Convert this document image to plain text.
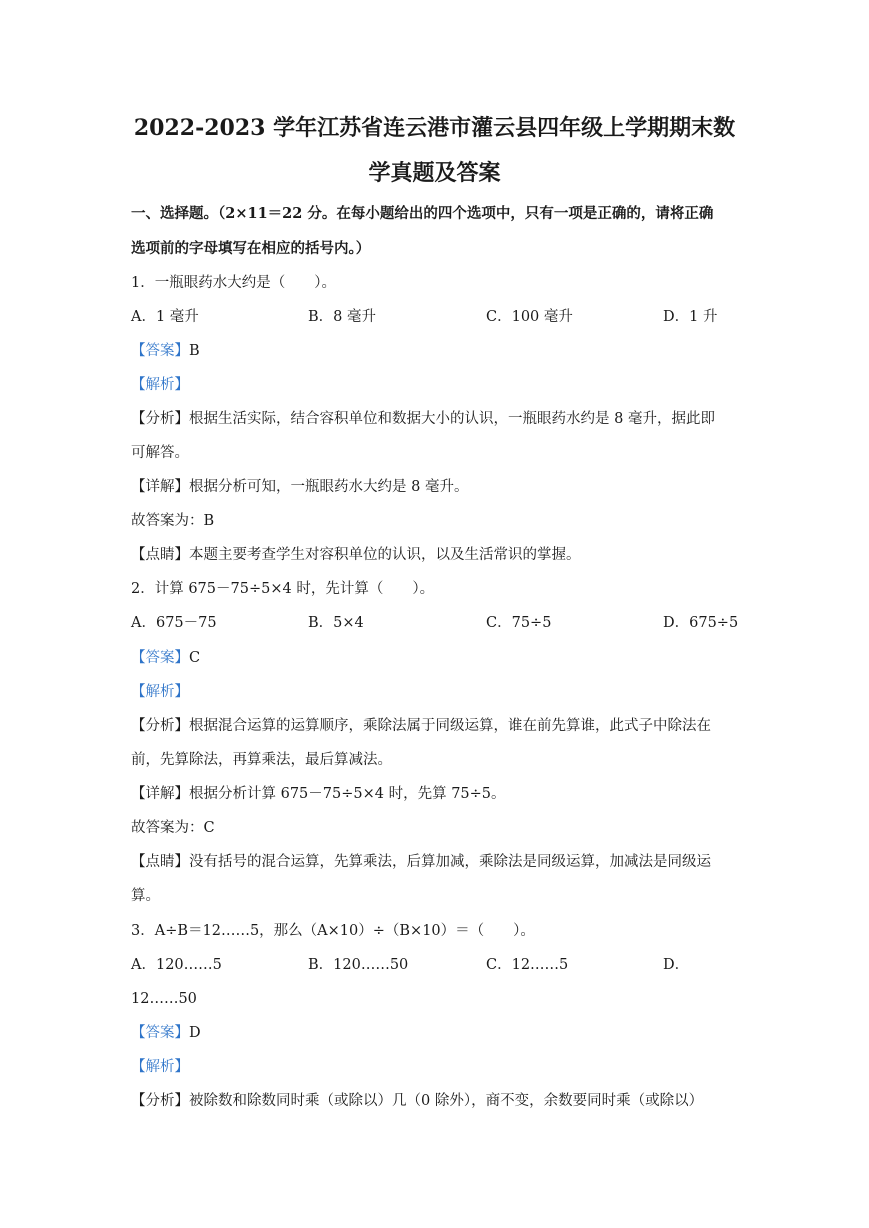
2022-2023 学年江苏省连云港市灌云县四年级上学期期末数
学真题及答案
一、选择题。（2×11＝22 分。在每小题给出的四个选项中，只有一项是正确的，请将正确
选项前的字母填写在相应的括号内。）
1．一瓶眼药水大约是（　　）。
A．1 毫升	B．8 毫升	C．100 毫升	D．1 升
【答案】B
【解析】
【分析】根据生活实际，结合容积单位和数据大小的认识，一瓶眼药水约是 8 毫升，据此即
可解答。
【详解】根据分析可知，一瓶眼药水大约是 8 毫升。
故答案为：B
【点睛】本题主要考查学生对容积单位的认识，以及生活常识的掌握。
2．计算 675－75÷5×4 时，先计算（　　）。
A．675－75	B．5×4	C．75÷5	D．675÷5
【答案】C
【解析】
【分析】根据混合运算的运算顺序，乘除法属于同级运算，谁在前先算谁，此式子中除法在
前，先算除法，再算乘法，最后算减法。
【详解】根据分析计算 675－75÷5×4 时，先算 75÷5。
故答案为：C
【点睛】没有括号的混合运算，先算乘法，后算加减，乘除法是同级运算，加减法是同级运
算。
3．A÷B＝12……5，那么（A×10）÷（B×10）＝（　　）。
A．120……5	B．120……50	C．12……5	D．
12……50
【答案】D
【解析】
【分析】被除数和除数同时乘（或除以）几（0 除外），商不变，余数要同时乘（或除以）
